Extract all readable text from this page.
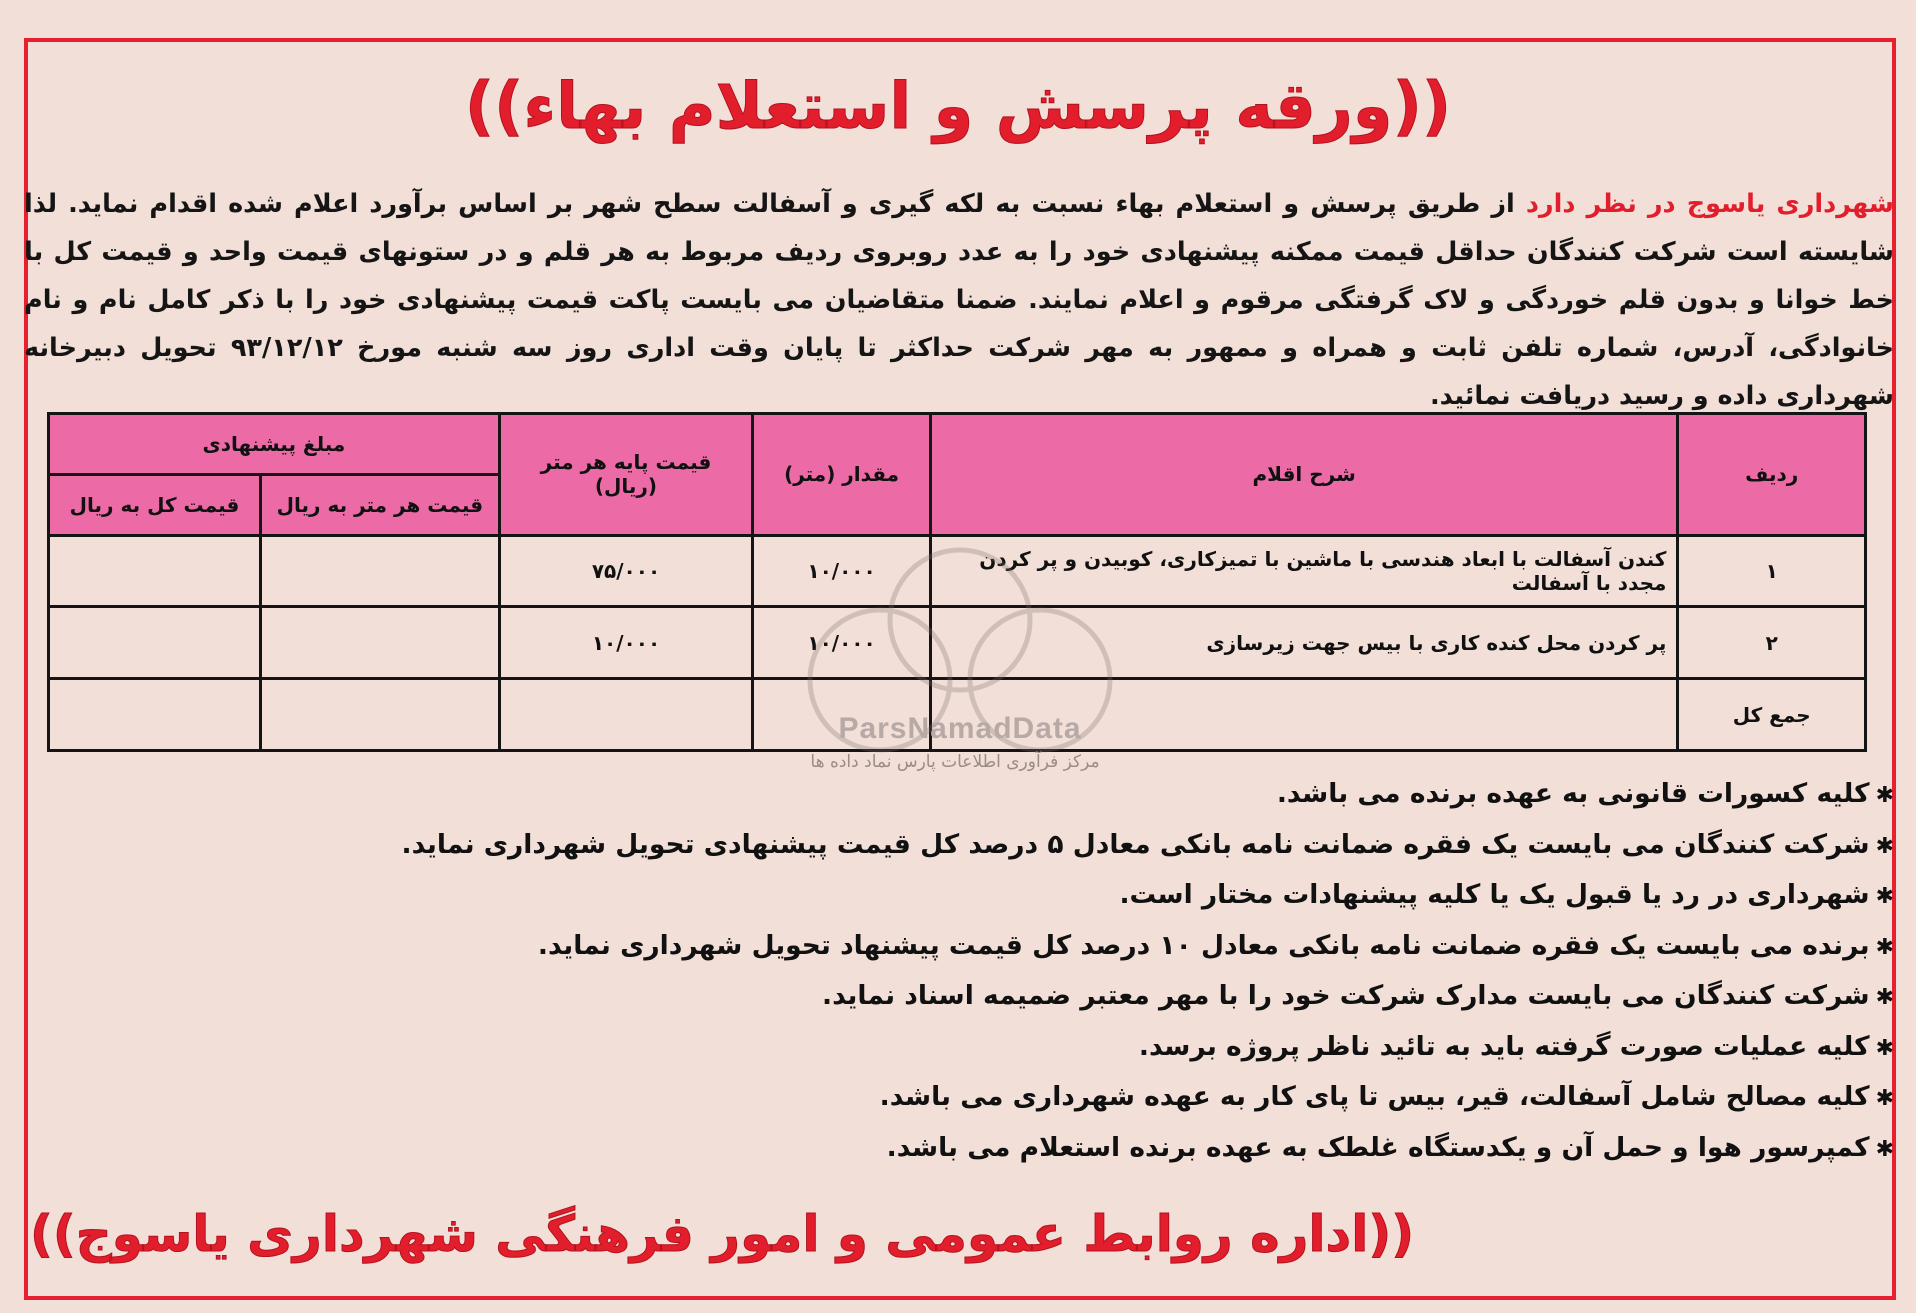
((ورقه پرسش و استعلام بهاء))

شهرداری یاسوج در نظر دارد از طریق پرسش و استعلام بهاء نسبت به لکه گیری و آسفالت سطح شهر بر اساس برآورد اعلام شده اقدام نماید. لذا شایسته است شرکت کنندگان حداقل قیمت ممکنه پیشنهادی خود را به عدد روبروی ردیف مربوط به هر قلم و در ستونهای قیمت واحد و قیمت کل با خط خوانا و بدون قلم خوردگی و لاک گرفتگی مرقوم و اعلام نمایند. ضمنا متقاضیان می بایست پاکت قیمت پیشنهادی خود را با ذکر کامل نام و نام خانوادگی، آدرس، شماره تلفن ثابت و همراه و ممهور به مهر شرکت حداکثر تا پایان وقت اداری روز سه شنبه مورخ ۹۳/۱۲/۱۲ تحویل دبیرخانه شهرداری داده و رسید دریافت نمائید.

ردیف	شرح اقلام	مقدار (متر)	قیمت پایه هر متر (ریال)	مبلغ پیشنهادی	
				قیمت هر متر به ریال	قیمت کل به ریال
۱	کندن آسفالت با ابعاد هندسی با ماشین با تمیزکاری، کوبیدن و پر کردن مجدد با آسفالت	۱۰/۰۰۰	۷۵/۰۰۰		
۲	پر کردن محل کنده کاری با بیس جهت زیرسازی	۱۰/۰۰۰	۱۰/۰۰۰		
جمع کل					
ParsNamadData
مرکز فرآوری اطلاعات پارس نماد داده ها
✱ کلیه کسورات قانونی به عهده برنده می باشد.
✱ شرکت کنندگان می بایست یک فقره ضمانت نامه بانکی معادل ۵ درصد کل قیمت پیشنهادی تحویل شهرداری نماید.
✱ شهرداری در رد یا قبول یک یا کلیه پیشنهادات مختار است.
✱ برنده می بایست یک فقره ضمانت نامه بانکی معادل ۱۰ درصد کل قیمت پیشنهاد تحویل شهرداری نماید.
✱ شرکت کنندگان می بایست مدارک شرکت خود را با مهر معتبر ضمیمه اسناد نماید.
✱ کلیه عملیات صورت گرفته باید به تائید ناظر پروژه برسد.
✱ کلیه مصالح شامل آسفالت، قیر، بیس تا پای کار به عهده شهرداری می باشد.
✱ کمپرسور هوا و حمل آن و یکدستگاه غلطک به عهده برنده استعلام می باشد.
((اداره روابط عمومی و امور فرهنگی شهرداری یاسوج))
